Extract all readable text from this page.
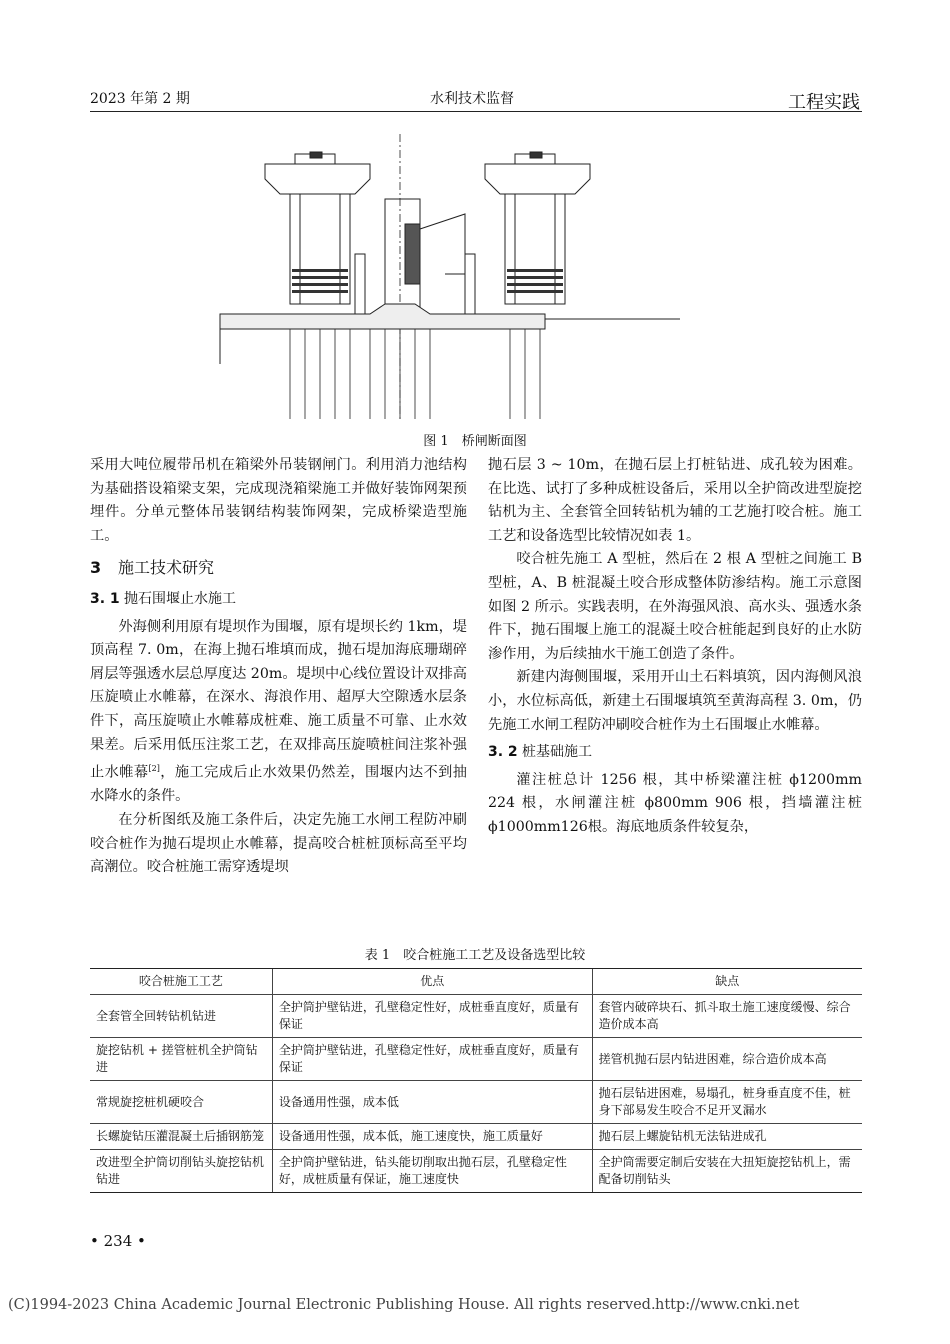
2023 年第 2 期	水利技术监督	工程实践
图 1　桥闸断面图

采用大吨位履带吊机在箱梁外吊装钢闸门。利用消力池结构为基础搭设箱梁支架，完成现浇箱梁施工并做好装饰网架预埋件。分单元整体吊装钢结构装饰网架，完成桥梁造型施工。

3 施工技术研究
3. 1 抛石围堰止水施工

外海侧利用原有堤坝作为围堰，原有堤坝长约 1km，堤顶高程 7. 0m，在海上抛石堆填而成，抛石堤加海底珊瑚碎屑层等强透水层总厚度达 20m。堤坝中心线位置设计双排高压旋喷止水帷幕，在深水、海浪作用、超厚大空隙透水层条件下，高压旋喷止水帷幕成桩难、施工质量不可靠、止水效果差。后采用低压注浆工艺，在双排高压旋喷桩间注浆补强止水帷幕[2]，施工完成后止水效果仍然差，围堰内达不到抽水降水的条件。

在分析图纸及施工条件后，决定先施工水闸工程防冲刷咬合桩作为抛石堤坝止水帷幕，提高咬合桩桩顶标高至平均高潮位。咬合桩施工需穿透堤坝

抛石层 3 ~ 10m，在抛石层上打桩钻进、成孔较为困难。在比选、试打了多种成桩设备后，采用以全护筒改进型旋挖钻机为主、全套管全回转钻机为辅的工艺施打咬合桩。施工工艺和设备选型比较情况如表 1。

咬合桩先施工 A 型桩，然后在 2 根 A 型桩之间施工 B 型桩，A、B 桩混凝土咬合形成整体防渗结构。施工示意图如图 2 所示。实践表明，在外海强风浪、高水头、强透水条件下，抛石围堰上施工的混凝土咬合桩能起到良好的止水防渗作用，为后续抽水干施工创造了条件。

新建内海侧围堰，采用开山土石料填筑，因内海侧风浪小，水位标高低，新建土石围堰填筑至黄海高程 3. 0m，仍先施工水闸工程防冲刷咬合桩作为土石围堰止水帷幕。

3. 2 桩基础施工

灌注桩总计 1256 根，其中桥梁灌注桩 ϕ1200mm 224 根，水闸灌注桩 ϕ800mm 906 根，挡墙灌注桩ϕ1000mm126根。海底地质条件较复杂，

表 1　咬合桩施工工艺及设备选型比较
咬合桩施工工艺	优点	缺点
全套管全回转钻机钻进	全护筒护壁钻进，孔壁稳定性好，成桩垂直度好，质量有保证	套管内破碎块石、抓斗取土施工速度缓慢、综合造价成本高
旋挖钻机 + 搓管桩机全护筒钻进	全护筒护壁钻进，孔壁稳定性好，成桩垂直度好，质量有保证	搓管机抛石层内钻进困难，综合造价成本高
常规旋挖桩机硬咬合	设备通用性强，成本低	抛石层钻进困难，易塌孔，桩身垂直度不佳，桩身下部易发生咬合不足开叉漏水
长螺旋钻压灌混凝土后插钢筋笼	设备通用性强，成本低，施工速度快，施工质量好	抛石层上螺旋钻机无法钻进成孔
改进型全护筒切削钻头旋挖钻机钻进	全护筒护壁钻进，钻头能切削取出抛石层，孔壁稳定性好，成桩质量有保证，施工速度快	全护筒需要定制后安装在大扭矩旋挖钻机上，需配备切削钻头
• 234 •
(C)1994-2023 China Academic Journal Electronic Publishing House. All rights reserved. http://www.cnki.net
